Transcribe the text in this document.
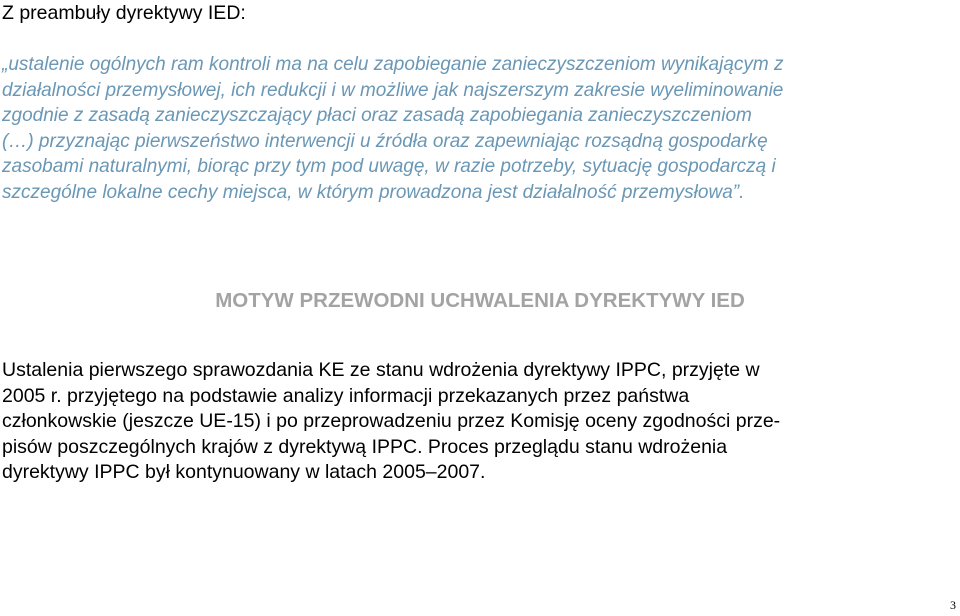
Z preambuły dyrektywy IED:

„ustalenie ogólnych ram kontroli ma na celu zapobieganie zanieczyszczeniom wynikającym z
działalności przemysłowej, ich redukcji i w możliwe jak najszerszym zakresie wyeliminowanie
zgodnie z zasadą zanieczyszczający płaci oraz zasadą zapobiegania zanieczyszczeniom
(…) przyznając pierwszeństwo interwencji u źródła oraz zapewniając rozsądną gospodarkę
zasobami naturalnymi, biorąc przy tym pod uwagę, w razie potrzeby, sytuację gospodarczą i
szczególne lokalne cechy miejsca, w którym prowadzona jest działalność przemysłowa”.

MOTYW PRZEWODNI UCHWALENIA DYREKTYWY IED

Ustalenia pierwszego sprawozdania KE ze stanu wdrożenia dyrektywy IPPC, przyjęte w
2005 r. przyjętego na podstawie analizy informacji przekazanych przez państwa
członkowskie (jeszcze UE-15) i po przeprowadzeniu przez Komisję oceny zgodności prze-
pisów poszczególnych krajów z dyrektywą IPPC. Proces przeglądu stanu wdrożenia
dyrektywy IPPC był kontynuowany w latach 2005–2007.

3
